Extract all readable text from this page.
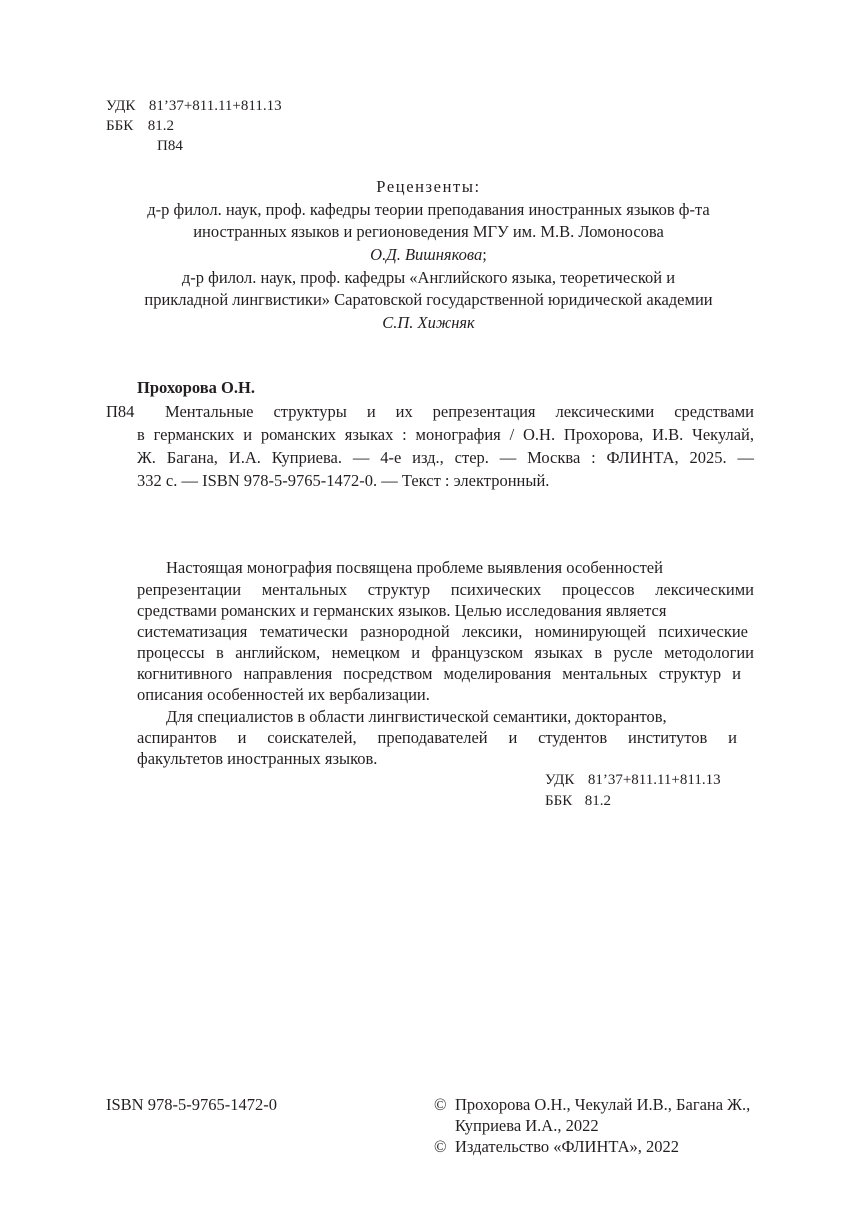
УДК 81’37+811.11+811.13
ББК 81.2
П84
Рецензенты:
д-р филол. наук, проф. кафедры теории преподавания иностранных языков ф-та
иностранных языков и регионоведения МГУ им. М.В. Ломоносова
О.Д. Вишнякова;
д-р филол. наук, проф. кафедры «Английского языка, теоретической и
прикладной лингвистики» Саратовской государственной юридической академии
С.П. Хижняк
Прохорова О.Н.
П84 Ментальные структуры и их репрезентация лексическими средствами
в германских и романских языках : монография / О.Н. Прохорова, И.В. Чекулай,
Ж. Багана, И.А. Куприева. — 4-е изд., стер. — Москва : ФЛИНТА, 2025. —
332 с. — ISBN 978-5-9765-1472-0. — Текст : электронный.
Настоящая монография посвящена проблеме выявления особенностей
репрезентации ментальных структур психических процессов лексическими
средствами романских и германских языков. Целью исследования является
систематизация тематически разнородной лексики, номинирующей психические
процессы в английском, немецком и французском языках в русле методологии
когнитивного направления посредством моделирования ментальных структур и
описания особенностей их вербализации.
Для специалистов в области лингвистической семантики, докторантов,
аспирантов и соискателей, преподавателей и студентов институтов и
факультетов иностранных языков.
УДК 81’37+811.11+811.13
ББК 81.2
ISBN 978-5-9765-1472-0	© Прохорова О.Н., Чекулай И.В., Багана Ж.,
Куприева И.А., 2022
© Издательство «ФЛИНТА», 2022
